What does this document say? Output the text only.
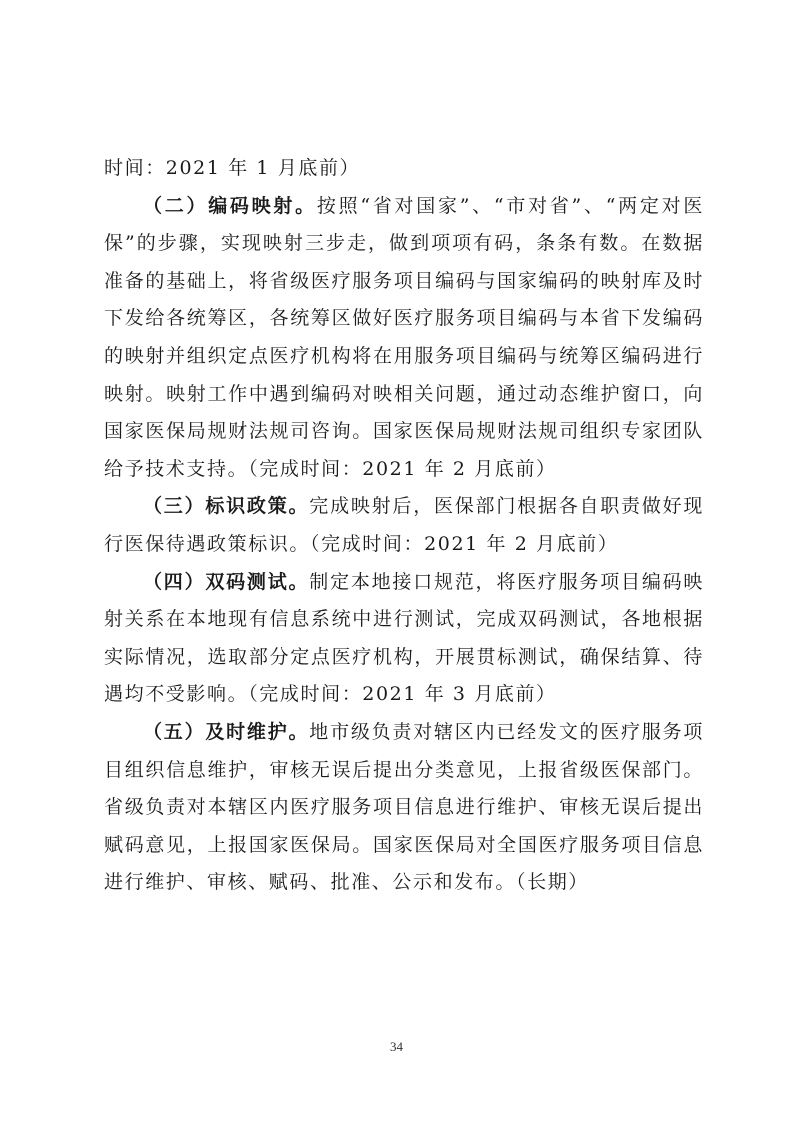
时间：2021 年 1 月底前）

（二）编码映射。按照“省对国家”、“市对省”、“两定对医保”的步骤，实现映射三步走，做到项项有码，条条有数。在数据准备的基础上，将省级医疗服务项目编码与国家编码的映射库及时下发给各统筹区，各统筹区做好医疗服务项目编码与本省下发编码的映射并组织定点医疗机构将在用服务项目编码与统筹区编码进行映射。映射工作中遇到编码对映相关问题，通过动态维护窗口，向国家医保局规财法规司咨询。国家医保局规财法规司组织专家团队给予技术支持。（完成时间：2021 年 2 月底前）

（三）标识政策。完成映射后，医保部门根据各自职责做好现行医保待遇政策标识。（完成时间：2021 年 2 月底前）

（四）双码测试。制定本地接口规范，将医疗服务项目编码映射关系在本地现有信息系统中进行测试，完成双码测试，各地根据实际情况，选取部分定点医疗机构，开展贯标测试，确保结算、待遇均不受影响。（完成时间：2021 年 3 月底前）

（五）及时维护。地市级负责对辖区内已经发文的医疗服务项目组织信息维护，审核无误后提出分类意见，上报省级医保部门。省级负责对本辖区内医疗服务项目信息进行维护、审核无误后提出赋码意见，上报国家医保局。国家医保局对全国医疗服务项目信息进行维护、审核、赋码、批准、公示和发布。（长期）

34
